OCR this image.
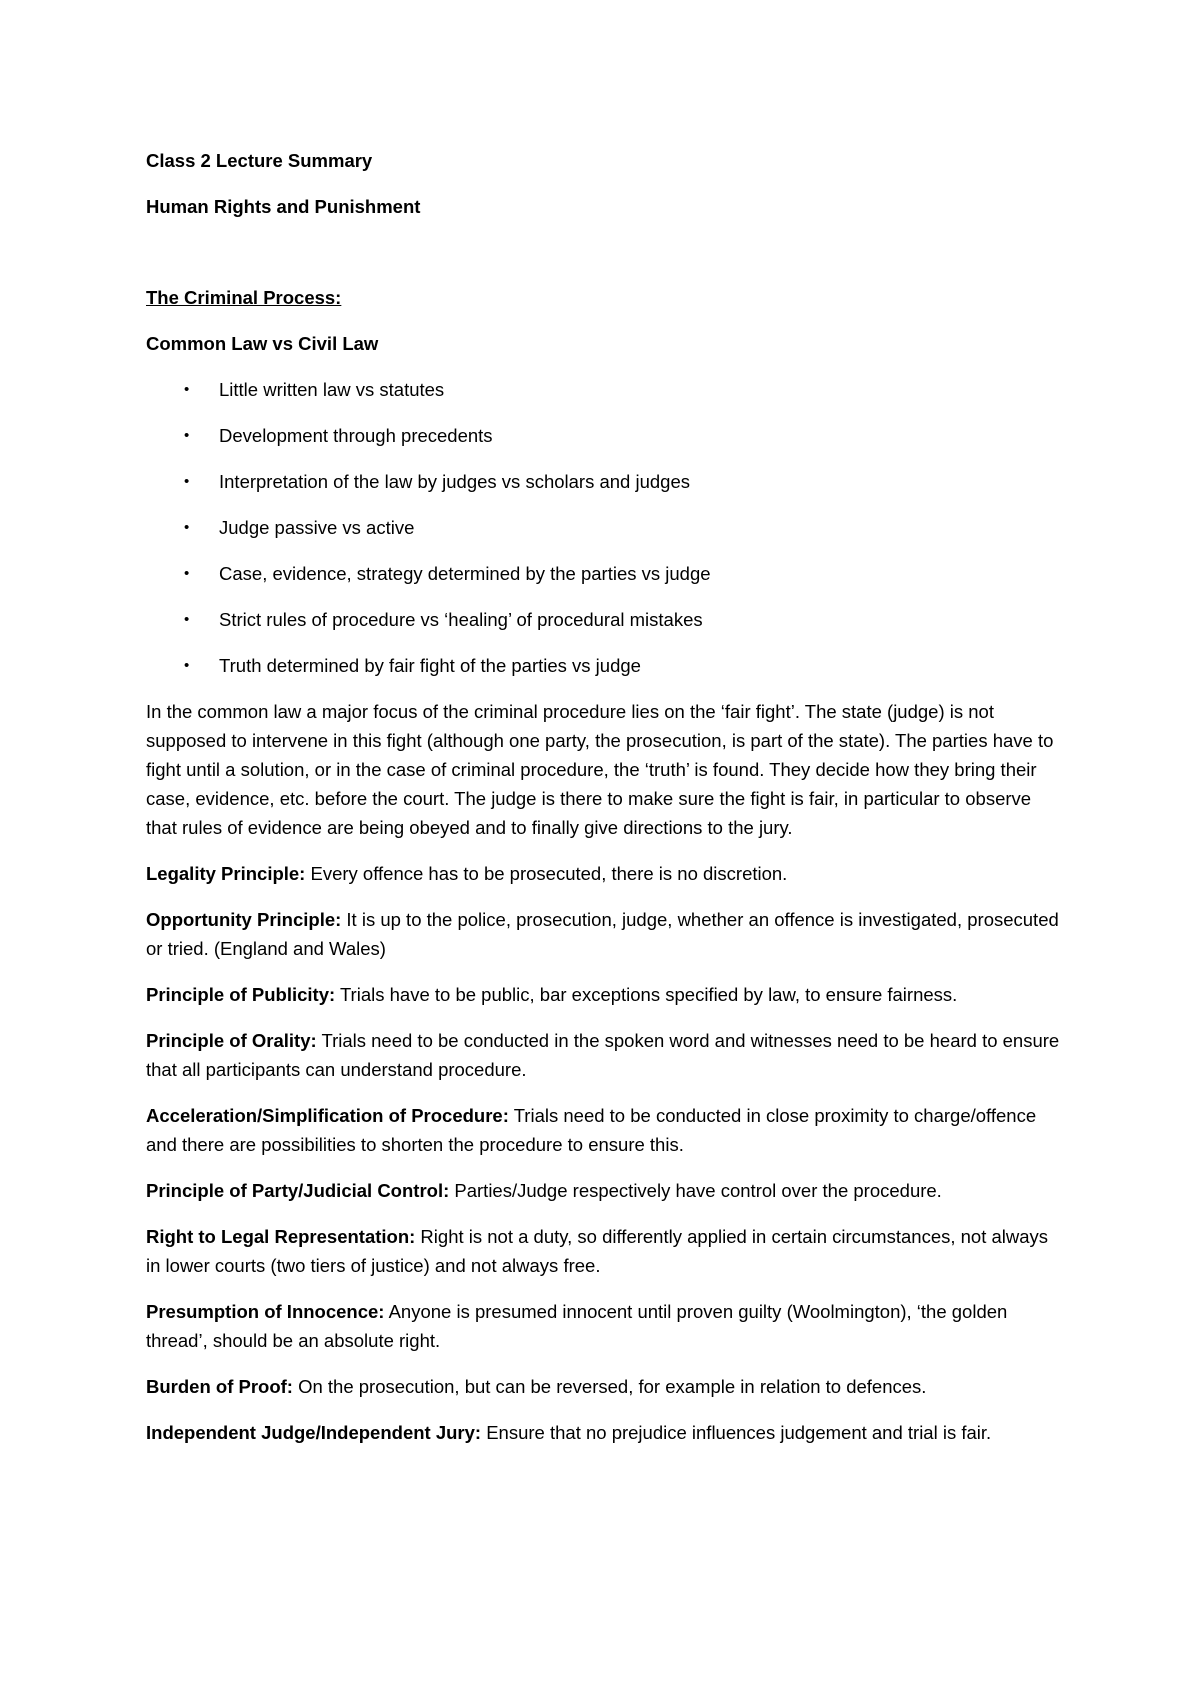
Class 2 Lecture Summary

Human Rights and Punishment

The Criminal Process:

Common Law vs Civil Law

• Little written law vs statutes
• Development through precedents
• Interpretation of the law by judges vs scholars and judges
• Judge passive vs active
• Case, evidence, strategy determined by the parties vs judge
• Strict rules of procedure vs ‘healing’ of procedural mistakes
• Truth determined by fair fight of the parties vs judge

In the common law a major focus of the criminal procedure lies on the ‘fair fight’. The state (judge) is not supposed to intervene in this fight (although one party, the prosecution, is part of the state). The parties have to fight until a solution, or in the case of criminal procedure, the ‘truth’ is found. They decide how they bring their case, evidence, etc. before the court. The judge is there to make sure the fight is fair, in particular to observe that rules of evidence are being obeyed and to finally give directions to the jury.

Legality Principle: Every offence has to be prosecuted, there is no discretion.

Opportunity Principle: It is up to the police, prosecution, judge, whether an offence is investigated, prosecuted or tried. (England and Wales)

Principle of Publicity: Trials have to be public, bar exceptions specified by law, to ensure fairness.

Principle of Orality: Trials need to be conducted in the spoken word and witnesses need to be heard to ensure that all participants can understand procedure.

Acceleration/Simplification of Procedure: Trials need to be conducted in close proximity to charge/offence and there are possibilities to shorten the procedure to ensure this.

Principle of Party/Judicial Control: Parties/Judge respectively have control over the procedure.

Right to Legal Representation: Right is not a duty, so differently applied in certain circumstances, not always in lower courts (two tiers of justice) and not always free.

Presumption of Innocence: Anyone is presumed innocent until proven guilty (Woolmington), ‘the golden thread’, should be an absolute right.

Burden of Proof: On the prosecution, but can be reversed, for example in relation to defences.

Independent Judge/Independent Jury: Ensure that no prejudice influences judgement and trial is fair.
